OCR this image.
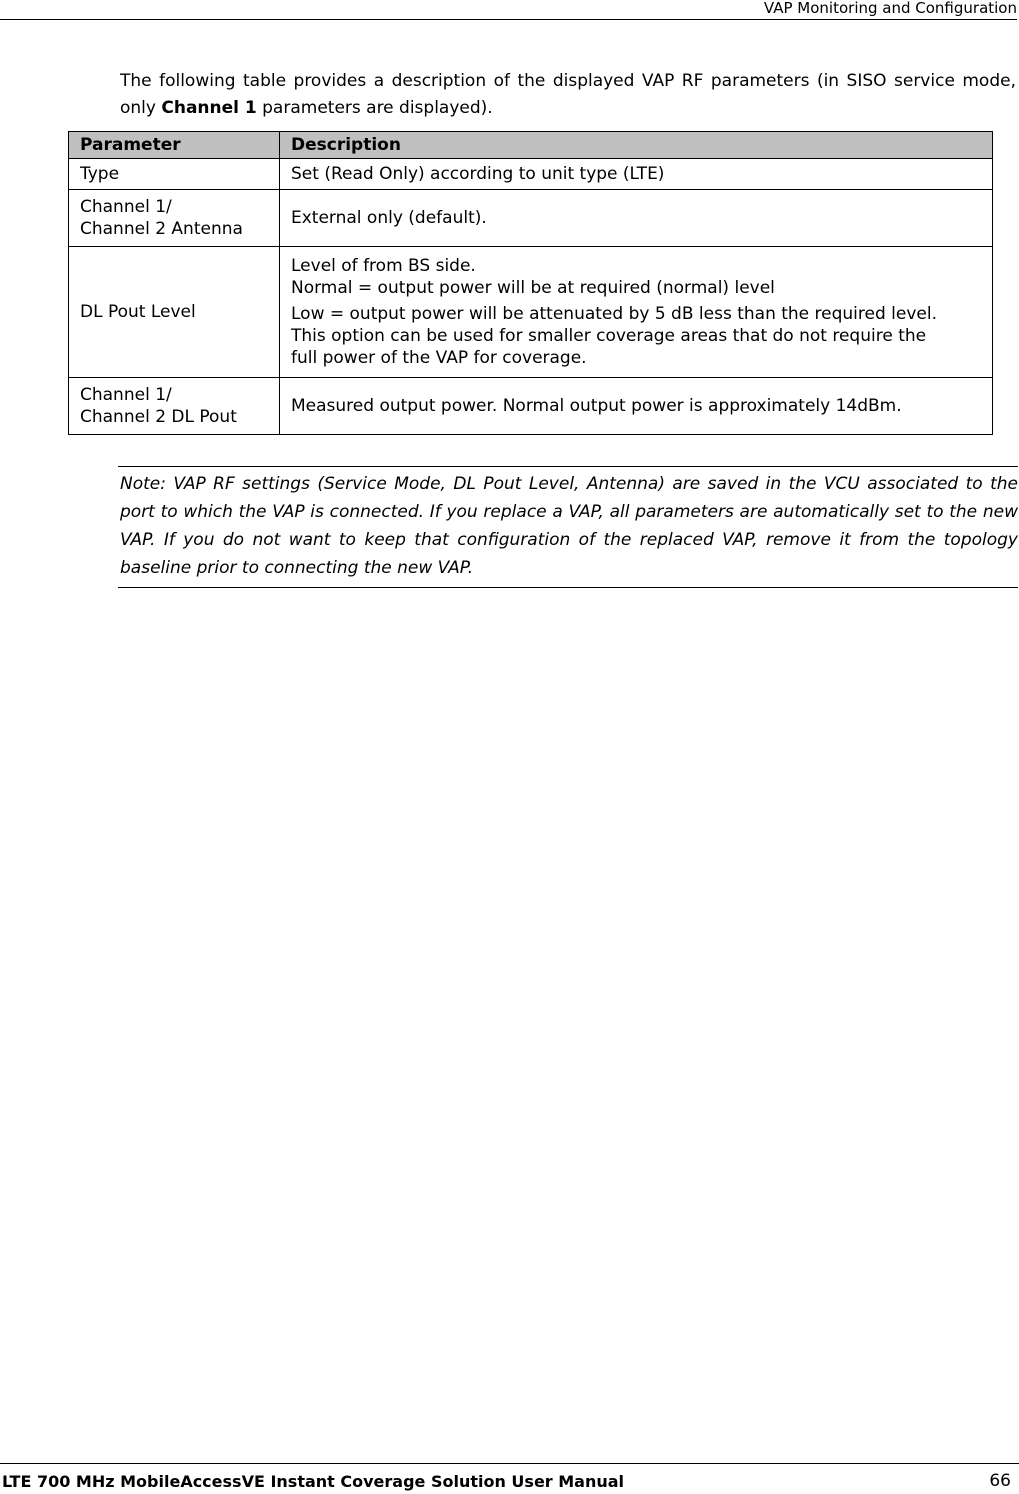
VAP Monitoring and Configuration

The following table provides a description of the displayed VAP RF parameters (in SISO service mode, only Channel 1 parameters are displayed).

Parameter	Description
Type	Set (Read Only) according to unit type (LTE)

Channel 1/
Channel 2 Antenna	External only (default).
DL Pout Level	Level of from BS side.
Normal = output power will be at required (normal) level
Low = output power will be attenuated by 5 dB less than the required level.
This option can be used for smaller coverage areas that do not require the
full power of the VAP for coverage.

Channel 1/
Channel 2 DL Pout	Measured output power. Normal output power is approximately 14dBm.
Note: VAP RF settings (Service Mode, DL Pout Level, Antenna) are saved in the VCU associated to the port to which the VAP is connected. If you replace a VAP, all parameters are automatically set to the new VAP. If you do not want to keep that configuration of the replaced VAP, remove it from the topology baseline prior to connecting the new VAP.
LTE 700 MHz MobileAccessVE Instant Coverage Solution User Manual	66
